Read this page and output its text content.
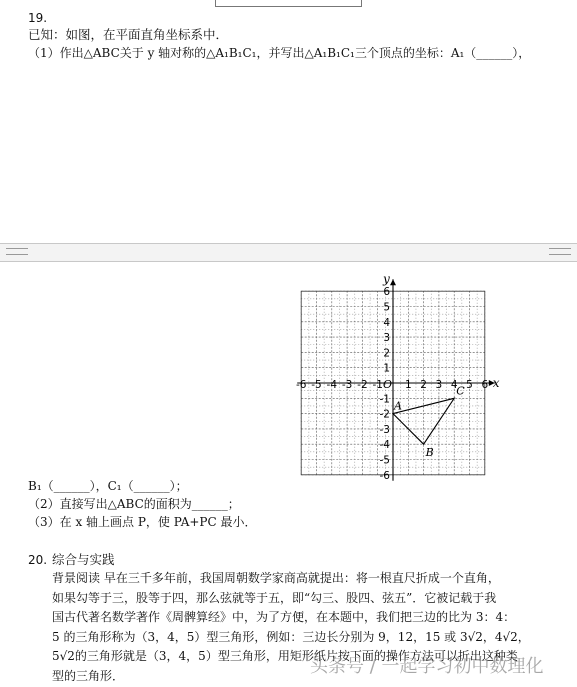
19.
已知：如图，在平面直角坐标系中．
（1）作出△ABC关于 y 轴对称的△A₁B₁C₁，并写出△A₁B₁C₁三个顶点的坐标：A₁（______），
x
y
O
-6 -5 -4 -3 -2 -1 1 2 3 4 5 6
6
5
4
3
2
1
-1
-2
-3
-4
-5
-6
A
B
C
B₁（______），C₁（______）；
（2）直接写出△ABC的面积为______；
（3）在 x 轴上画点 P，使 PA+PC 最小．
20. 综合与实践
背景阅读 早在三千多年前，我国周朝数学家商高就提出：将一根直尺折成一个直角，
如果勾等于三，股等于四，那么弦就等于五，即“勾三、股四、弦五”．它被记载于我
国古代著名数学著作《周髀算经》中，为了方便，在本题中，我们把三边的比为 3：4：
5 的三角形称为（3，4，5）型三角形，例如：三边长分别为 9，12，15 或 3√2，4√2，
5√2的三角形就是（3，4，5）型三角形，用矩形纸片按下面的操作方法可以折出这种类
型的三角形．	头条号 / 一起学习初中数理化
